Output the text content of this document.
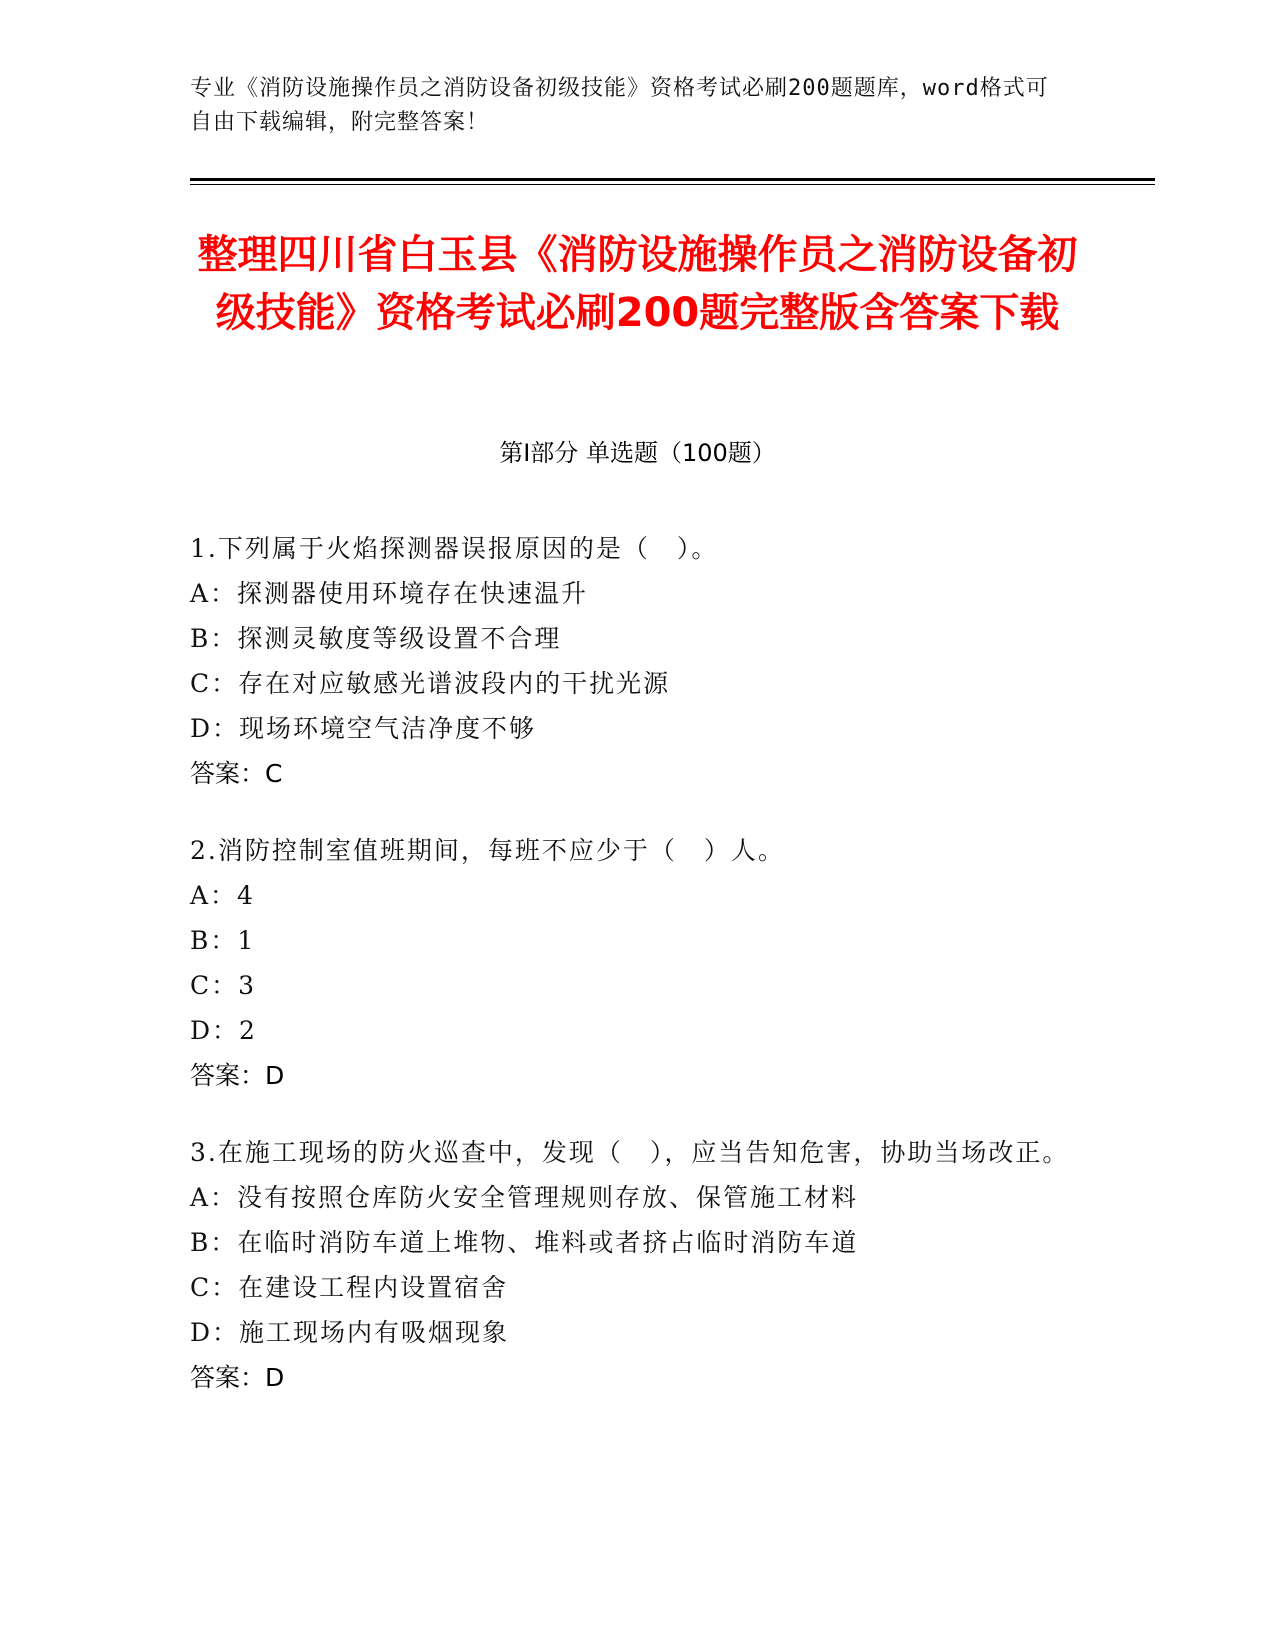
专业《消防设施操作员之消防设备初级技能》资格考试必刷200题题库，word格式可自由下载编辑，附完整答案！
整理四川省白玉县《消防设施操作员之消防设备初级技能》资格考试必刷200题完整版含答案下载
第Ⅰ部分 单选题（100题）
1.下列属于火焰探测器误报原因的是（　）。
A：探测器使用环境存在快速温升
B：探测灵敏度等级设置不合理
C：存在对应敏感光谱波段内的干扰光源
D：现场环境空气洁净度不够
答案：C
2.消防控制室值班期间，每班不应少于（　）人。
A：4
B：1
C：3
D：2
答案：D
3.在施工现场的防火巡查中，发现（　），应当告知危害，协助当场改正。
A：没有按照仓库防火安全管理规则存放、保管施工材料
B：在临时消防车道上堆物、堆料或者挤占临时消防车道
C：在建设工程内设置宿舍
D：施工现场内有吸烟现象
答案：D
